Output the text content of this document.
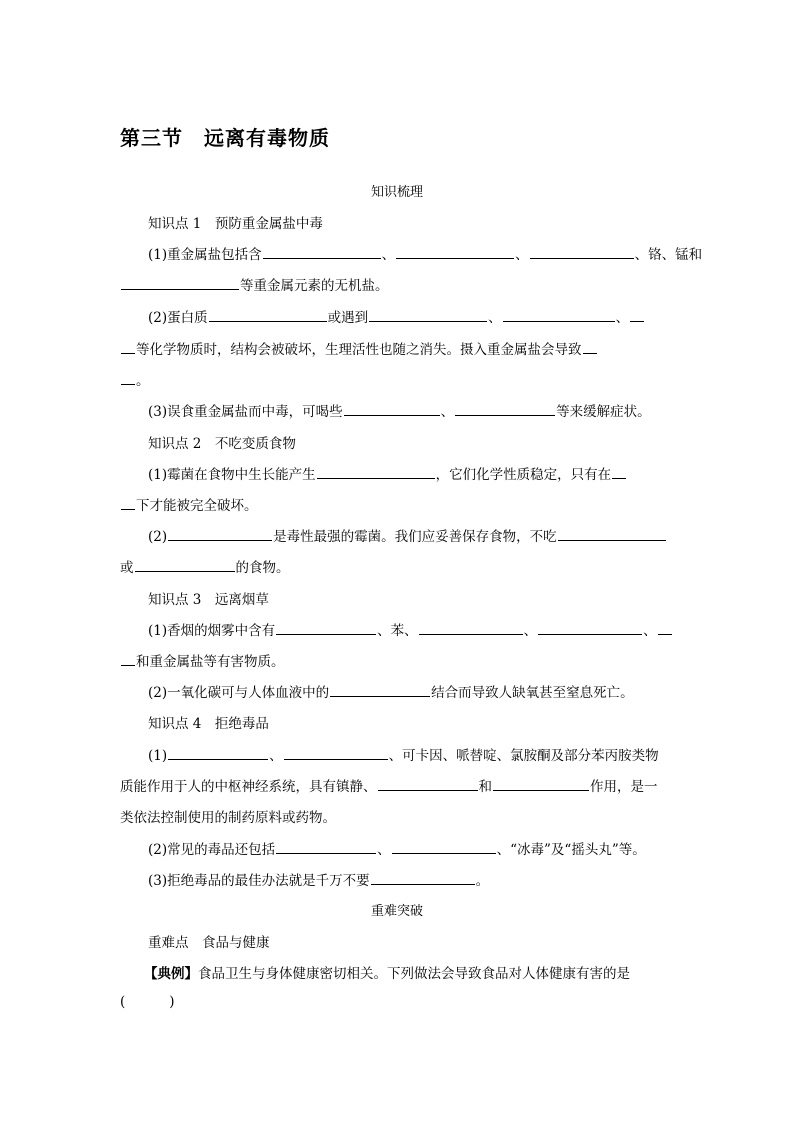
第三节　远离有毒物质
知识梳理
知识点 1　预防重金属盐中毒
(1)重金属盐包括含	、	、	、铬、锰和
等重金属元素的无机盐。
(2)蛋白质	或遇到	、	、
等化学物质时，结构会被破坏，生理活性也随之消失。摄入重金属盐会导致
。
(3)误食重金属盐而中毒，可喝些	、	等来缓解症状。
知识点 2　不吃变质食物
(1)霉菌在食物中生长能产生	，它们化学性质稳定，只有在
下才能被完全破坏。
(2)	是毒性最强的霉菌。我们应妥善保存食物，不吃
或	的食物。
知识点 3　远离烟草
(1)香烟的烟雾中含有	、苯、	、	、
和重金属盐等有害物质。
(2)一氧化碳可与人体血液中的	结合而导致人缺氧甚至窒息死亡。
知识点 4　拒绝毒品
(1)	、	、可卡因、哌替啶、氯胺酮及部分苯丙胺类物
质能作用于人的中枢神经系统，具有镇静、	和	作用，是一
类依法控制使用的制药原料或药物。
(2)常见的毒品还包括	、	、“冰毒”及“摇头丸”等。
(3)拒绝毒品的最佳办法就是千万不要	。
重难突破
重难点　食品与健康
【典例】食品卫生与身体健康密切相关。下列做法会导致食品对人体健康有害的是
(	)
